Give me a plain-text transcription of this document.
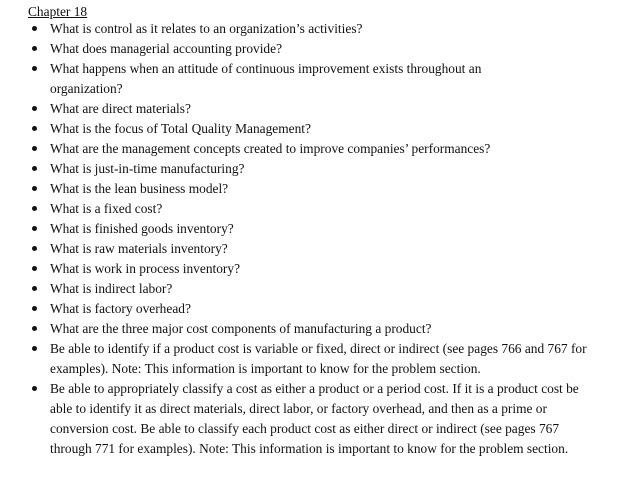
Chapter 18
What is control as it relates to an organization’s activities?
What does managerial accounting provide?
What happens when an attitude of continuous improvement exists throughout an organization?
What are direct materials?
What is the focus of Total Quality Management?
What are the management concepts created to improve companies’ performances?
What is just-in-time manufacturing?
What is the lean business model?
What is a fixed cost?
What is finished goods inventory?
What is raw materials inventory?
What is work in process inventory?
What is indirect labor?
What is factory overhead?
What are the three major cost components of manufacturing a product?
Be able to identify if a product cost is variable or fixed, direct or indirect (see pages 766 and 767 for examples). Note: This information is important to know for the problem section.
Be able to appropriately classify a cost as either a product or a period cost. If it is a product cost be able to identify it as direct materials, direct labor, or factory overhead, and then as a prime or conversion cost. Be able to classify each product cost as either direct or indirect (see pages 767 through 771 for examples). Note: This information is important to know for the problem section.
